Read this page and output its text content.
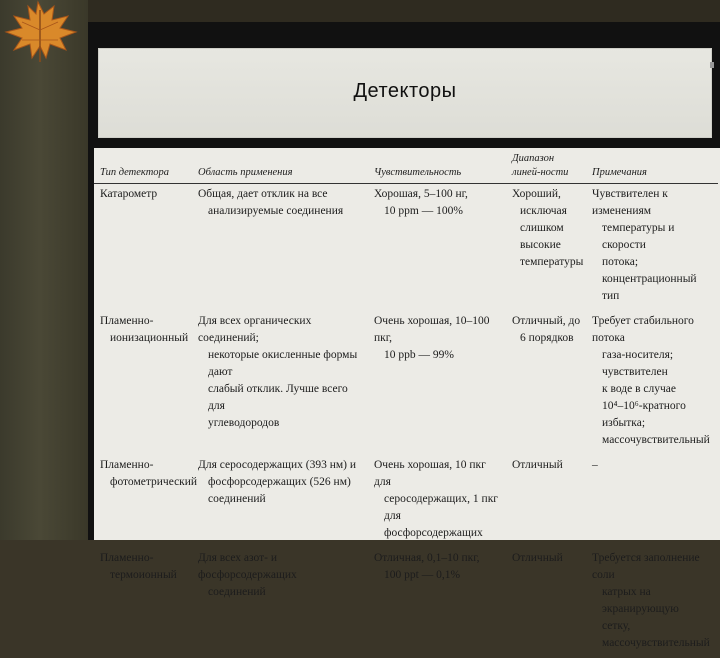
Детекторы
Тип детектора	Область применения	Чувствительность	Диапазон линей-ности	Примечания

Катарометр	Общая, дает отклик на все
анализируемые соединения	Хорошая, 5–100 нг,
10 ppm — 100%	Хороший,
исключая
слишком
высокие
температуры	Чувствителен к изменениям
температуры и скорости
потока; концентрационный
тип

Пламенно-
ионизационный	Для всех органических соединений;
некоторые окисленные формы дают
слабый отклик. Лучше всего для
углеводородов	Очень хорошая, 10–100 пкг,
10 ppb — 99%	Отличный, до
6 порядков	Требует стабильного потока
газа-носителя; чувствителен
к воде в случае
10⁴–10⁶-кратного избытка;
массочувствительный

Пламенно-
фотометрический	Для серосодержащих (393 нм) и
фосфорсодержащих (526 нм)
соединений	Очень хорошая, 10 пкг для
серосодержащих, 1 пкг для
фосфорсодержащих	Отличный	–

Пламенно-
термоионный	Для всех азот- и фосфорсодержащих
соединений	Отличная, 0,1–10 пкг,
100 ppt — 0,1%	Отличный	Требуется заполнение соли
катрых на экранирующую
сетку, массочувствительный
